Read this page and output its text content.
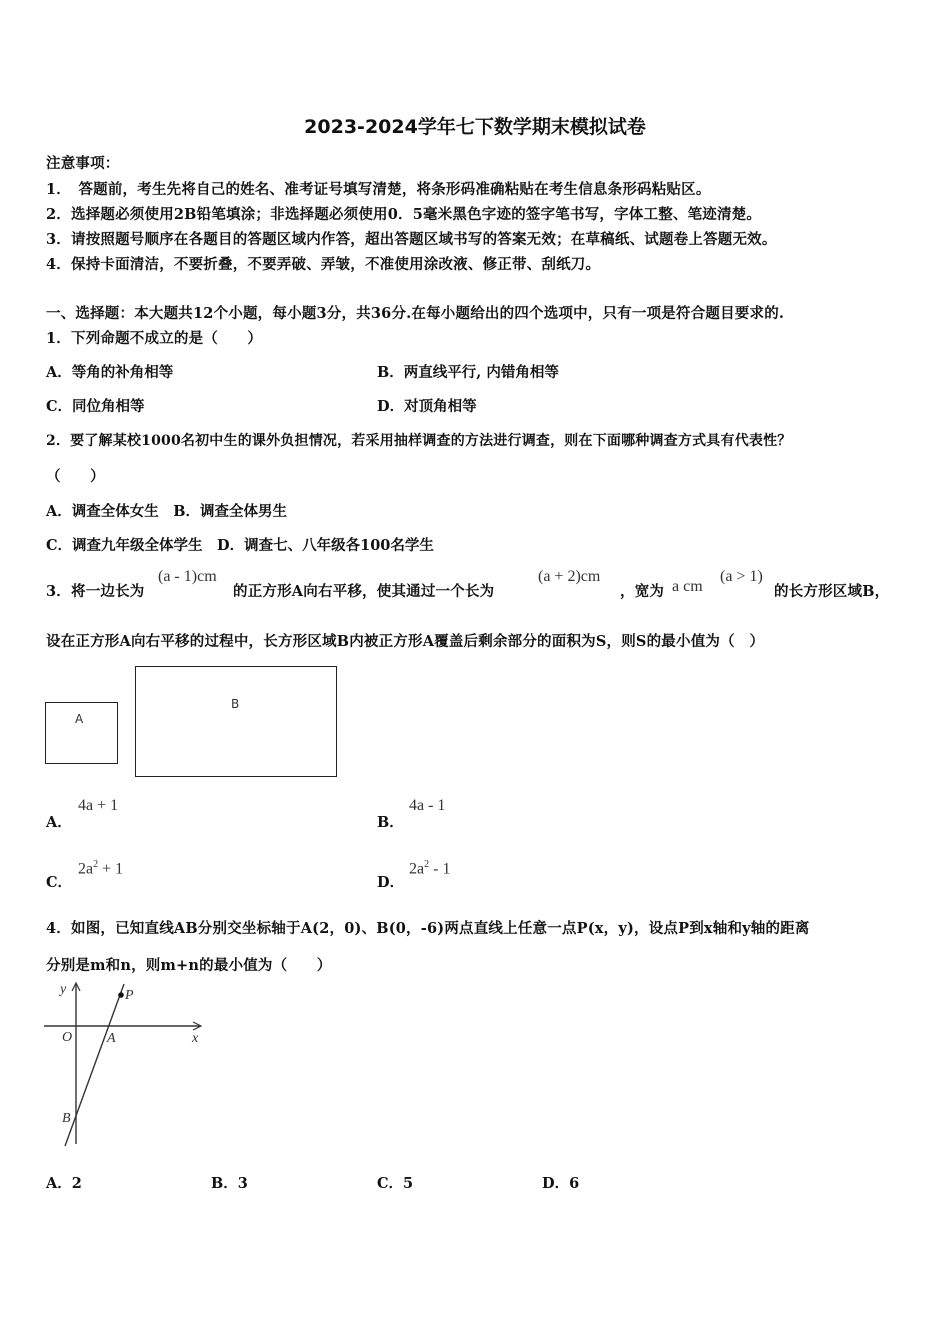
2023-2024学年七下数学期末模拟试卷
注意事项：
1．　答题前，考生先将自己的姓名、准考证号填写清楚，将条形码准确粘贴在考生信息条形码粘贴区。
2．选择题必须使用2B铅笔填涂；非选择题必须使用0．5毫米黑色字迹的签字笔书写，字体工整、笔迹清楚。
3．请按照题号顺序在各题目的答题区域内作答，超出答题区域书写的答案无效；在草稿纸、试题卷上答题无效。
4．保持卡面清洁，不要折叠，不要弄破、弄皱，不准使用涂改液、修正带、刮纸刀。
一、选择题：本大题共12个小题，每小题3分，共36分.在每小题给出的四个选项中，只有一项是符合题目要求的.
1．下列命题不成立的是（　　）
A．等角的补角相等	B．两直线平行, 内错角相等
C．同位角相等	D．对顶角相等
2．要了解某校1000名初中生的课外负担情况，若采用抽样调查的方法进行调查，则在下面哪种调查方式具有代表性？
（　　）
A．调查全体女生　B．调查全体男生
C．调查九年级全体学生　D．调查七、八年级各100名学生
3．将一边长为
(a - 1)cm
的正方形A向右平移，使其通过一个长为
(a + 2)cm
，宽为 a cm
(a > 1)
的长方形区域B，
设在正方形A向右平移的过程中，长方形区域B内被正方形A覆盖后剩余部分的面积为S，则S的最小值为（　）
A
B
A．
4a + 1
B．
4a - 1
C．
$2a^2 + 1$
D．
$2a^2 - 1$
4．如图，已知直线AB分别交坐标轴于A(2，0)、B(0，-6)两点直线上任意一点P(x，y)，设点P到x轴和y轴的距离
分别是m和n，则m+n的最小值为（　　）
y
x
O A
B
P
A．2	B．3	C．5	D．6
